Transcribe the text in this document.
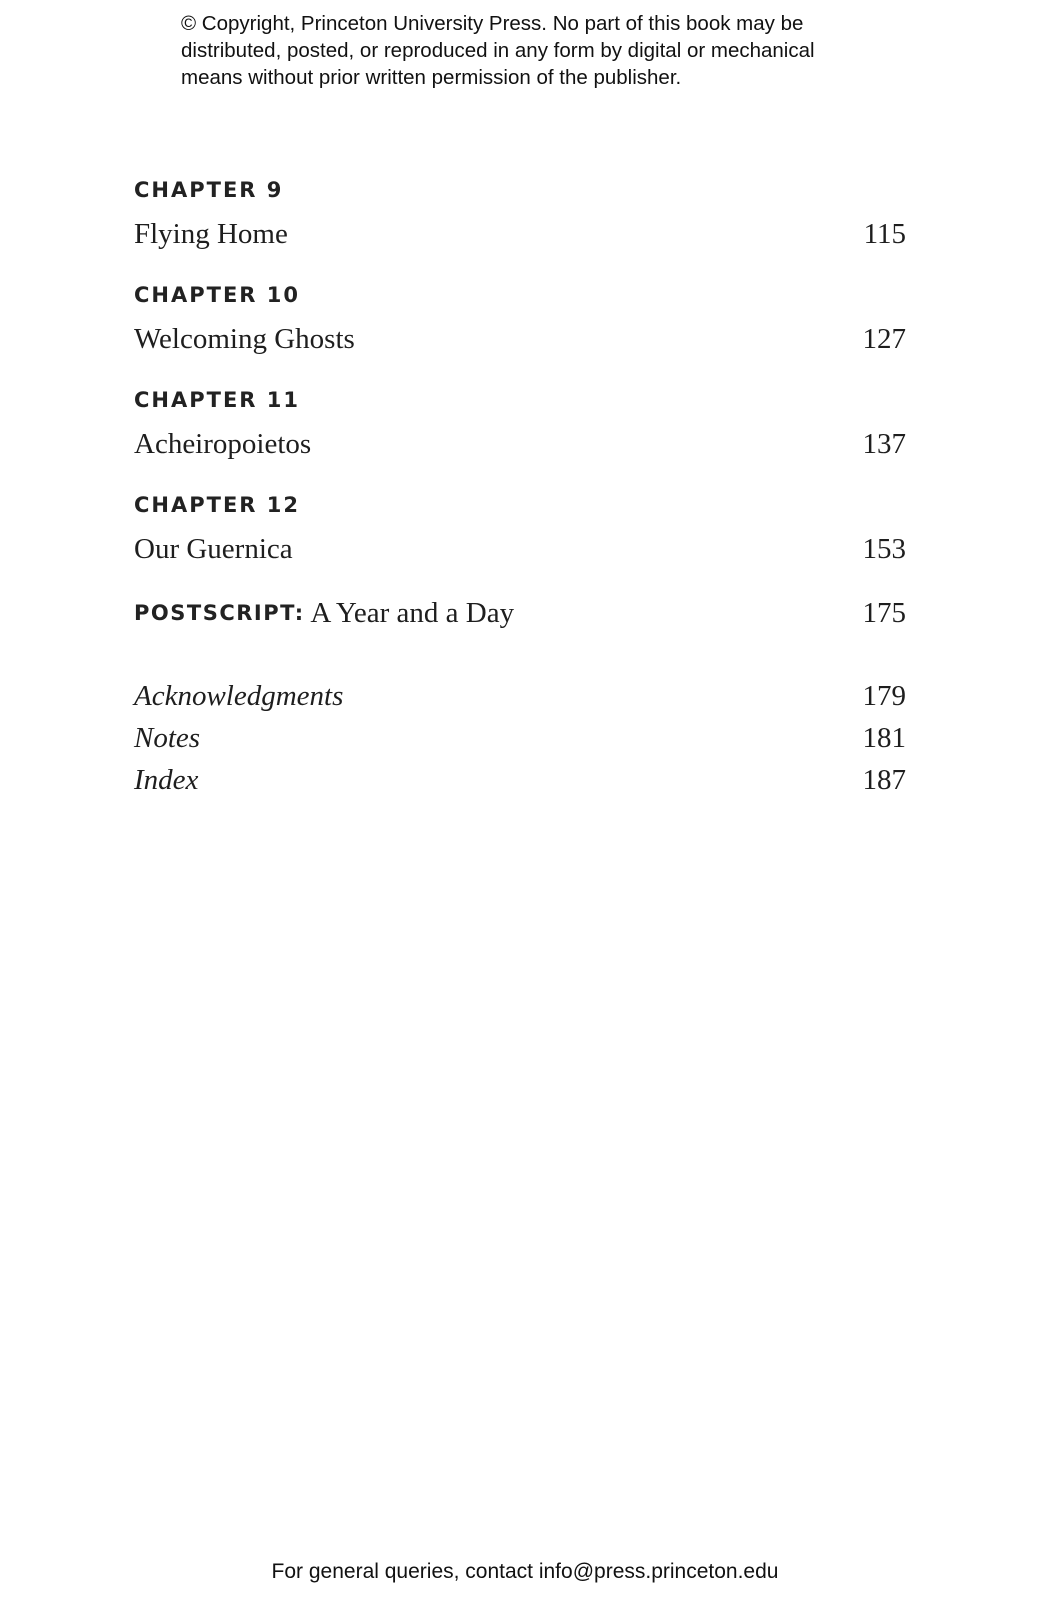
© Copyright, Princeton University Press. No part of this book may be
distributed, posted, or reproduced in any form by digital or mechanical
means without prior written permission of the publisher.
CHAPTER 9
Flying Home	115
CHAPTER 10
Welcoming Ghosts	127
CHAPTER 11
Acheiropoietos	137
CHAPTER 12
Our Guernica	153
POSTSCRIPT: A Year and a Day	175
Acknowledgments	179
Notes	181
Index	187
For general queries, contact info@press.princeton.edu
